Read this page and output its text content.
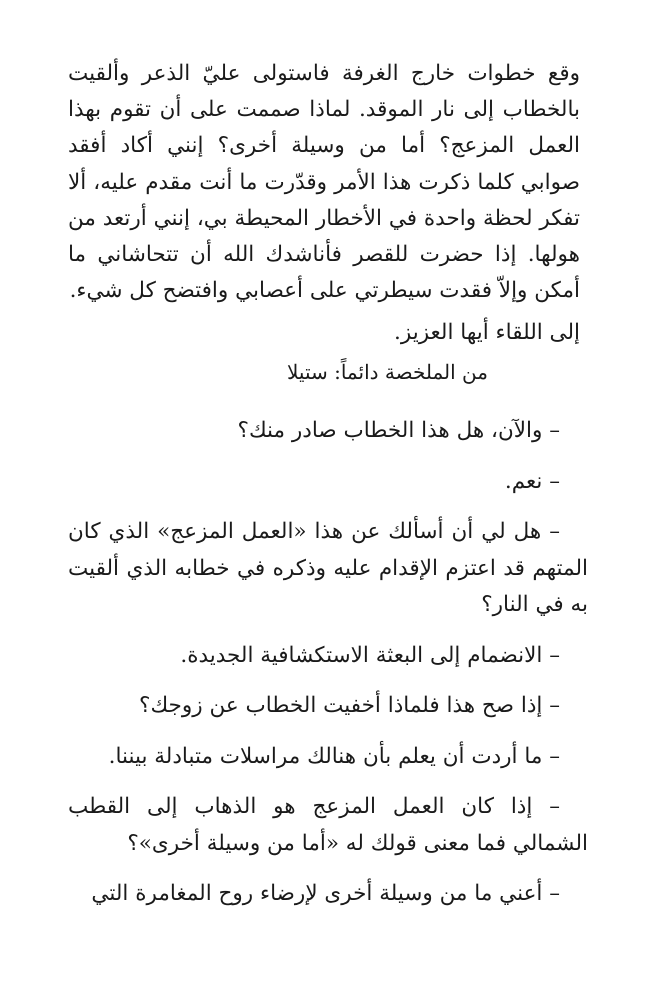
وقع خطوات خارج الغرفة فاستولى عليّ الذعر وألقيت بالخطاب إلى نار الموقد. لماذا صممت على أن تقوم بهذا العمل المزعج؟ أما من وسيلة أخرى؟ إنني أكاد أفقد صوابي كلما ذكرت هذا الأمر وقدّرت ما أنت مقدم عليه، ألا تفكر لحظة واحدة في الأخطار المحيطة بي، إنني أرتعد من هولها. إذا حضرت للقصر فأناشدك الله أن تتحاشاني ما أمكن وإلاّ فقدت سيطرتي على أعصابي وافتضح كل شيء.

إلى اللقاء أيها العزيز.
من الملخصة دائماً: ستيلا

– والآن، هل هذا الخطاب صادر منك؟

– نعم.

– هل لي أن أسألك عن هذا «العمل المزعج» الذي كان المتهم قد اعتزم الإقدام عليه وذكره في خطابه الذي ألقيت به في النار؟

– الانضمام إلى البعثة الاستكشافية الجديدة.

– إذا صح هذا فلماذا أخفيت الخطاب عن زوجك؟

– ما أردت أن يعلم بأن هنالك مراسلات متبادلة بيننا.

– إذا كان العمل المزعج هو الذهاب إلى القطب الشمالي فما معنى قولك له «أما من وسيلة أخرى»؟

– أعني ما من وسيلة أخرى لإرضاء روح المغامرة التي
